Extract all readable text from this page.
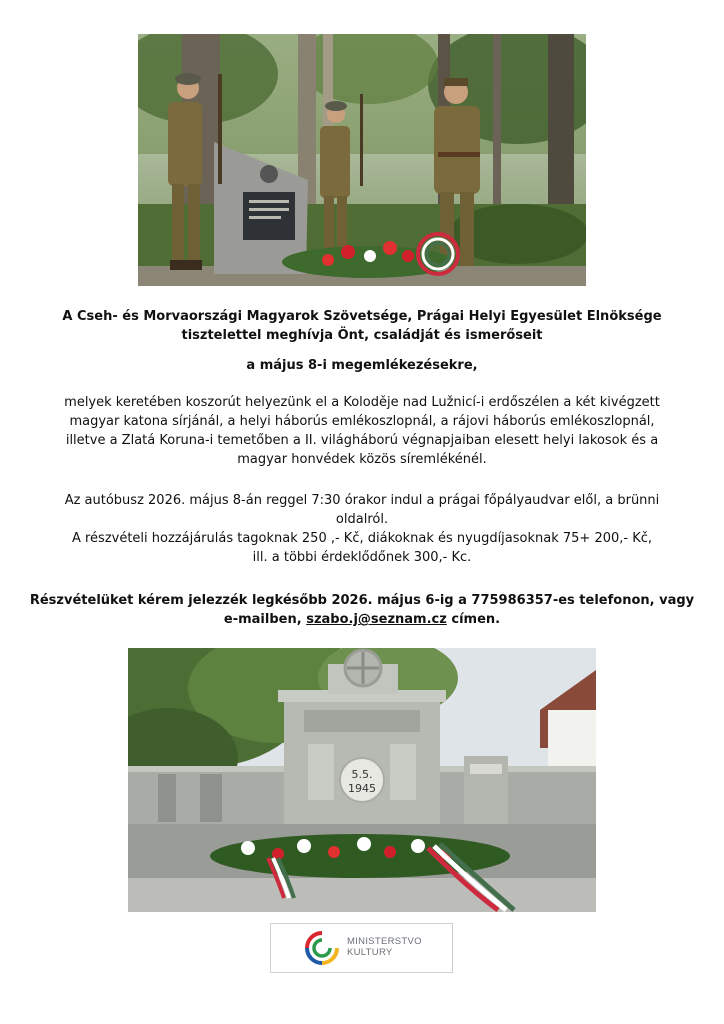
A Cseh- és Morvaországi Magyarok Szövetsége, Prágai Helyi Egyesület Elnöksége
tisztelettel meghívja Önt, családját és ismerőseit
a május 8-i megemlékezésekre,
melyek keretében koszorút helyezünk el a Koloděje nad Lužnicí-i erdőszélen a két kivégzett
magyar katona sírjánál, a helyi háborús emlékoszlopnál, a rájovi háborús emlékoszlopnál,
illetve a Zlatá Koruna-i temetőben a II. világháború végnapjaiban elesett helyi lakosok és a
magyar honvédek közös síremlékénél.
Az autóbusz 2026. május 8-án reggel 7:30 órakor indul a prágai főpályaudvar elől, a brünni
oldalról.
A részvételi hozzájárulás tagoknak 250 ,- Kč, diákoknak és nyugdíjasoknak 75+ 200,- Kč,
ill. a többi érdeklődőnek 300,- Kc.
Részvételüket kérem jelezzék legkésőbb 2026. május 6-ig a 775986357-es telefonon, vagy
e-mailben, szabo.j@seznam.cz címen.
5.5.
1945
MINISTERSTVO
KULTURY
